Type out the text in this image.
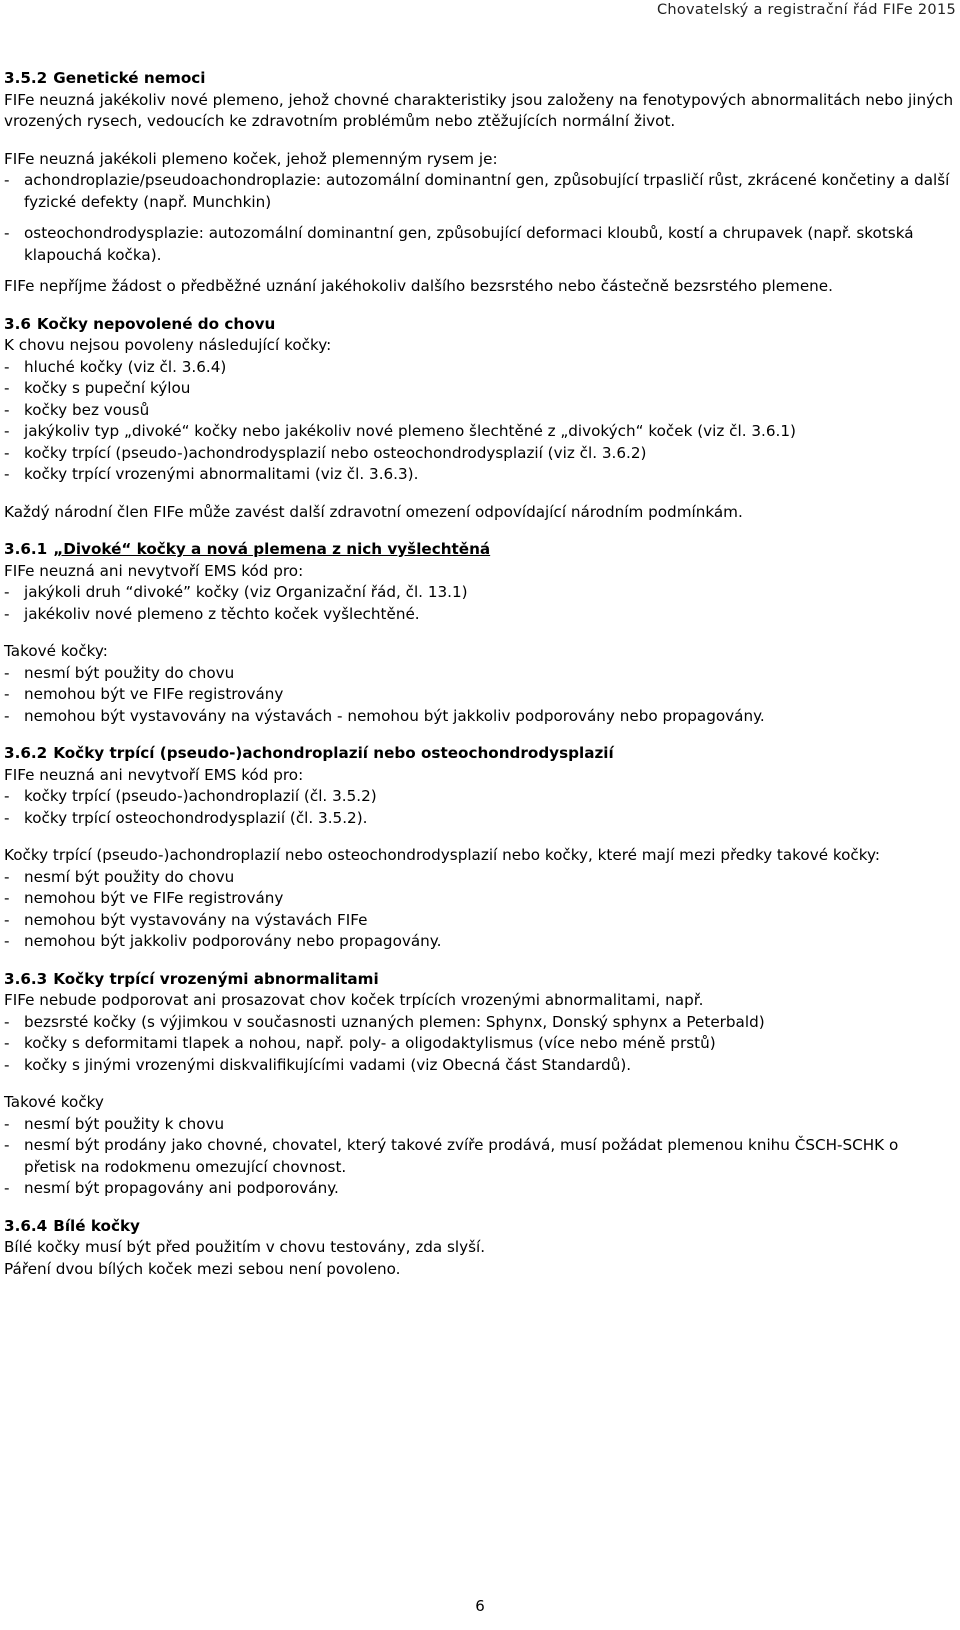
Chovatelský a registrační řád FIFe 2015

3.5.2 Genetické nemoci

FIFe neuzná jakékoliv nové plemeno, jehož chovné charakteristiky jsou založeny na fenotypových abnormalitách nebo jiných vrozených rysech, vedoucích ke zdravotním problémům nebo ztěžujících normální život.

FIFe neuzná jakékoli plemeno koček, jehož plemenným rysem je:

- achondroplazie/pseudoachondroplazie: autozomální dominantní gen, způsobující trpasličí růst, zkrácené končetiny a další fyzické defekty (např. Munchkin)

- osteochondrodysplazie: autozomální dominantní gen, způsobující deformaci kloubů, kostí a chrupavek (např. skotská klapouchá kočka).

FIFe nepříjme žádost o předběžné uznání jakéhokoliv dalšího bezsrstého nebo částečně bezsrstého plemene.

3.6 Kočky nepovolené do chovu

K chovu nejsou povoleny následující kočky:

- hluché kočky (viz čl. 3.6.4)

- kočky s pupeční kýlou

- kočky bez vousů

- jakýkoliv typ „divoké“ kočky nebo jakékoliv nové plemeno šlechtěné z „divokých“ koček (viz čl. 3.6.1)

- kočky trpící (pseudo-)achondrodysplazií nebo osteochondrodysplazií (viz čl. 3.6.2)

- kočky trpící vrozenými abnormalitami (viz čl. 3.6.3).

Každý národní člen FIFe může zavést další zdravotní omezení odpovídající národním podmínkám.

3.6.1 „Divoké“ kočky a nová plemena z nich vyšlechtěná

FIFe neuzná ani nevytvoří EMS kód pro:

- jakýkoli druh “divoké” kočky (viz Organizační řád, čl. 13.1)

- jakékoliv nové plemeno z těchto koček vyšlechtěné.

Takové kočky:

- nesmí být použity do chovu

- nemohou být ve FIFe registrovány

- nemohou být vystavovány na výstavách - nemohou být jakkoliv podporovány nebo propagovány.

3.6.2 Kočky trpící (pseudo-)achondroplazií nebo osteochondrodysplazií

FIFe neuzná ani nevytvoří EMS kód pro:

- kočky trpící (pseudo-)achondroplazií (čl. 3.5.2)

- kočky trpící osteochondrodysplazií (čl. 3.5.2).

Kočky trpící (pseudo-)achondroplazií nebo osteochondrodysplazií nebo kočky, které mají mezi předky takové kočky:

- nesmí být použity do chovu

- nemohou být ve FIFe registrovány

- nemohou být vystavovány na výstavách FIFe

- nemohou být jakkoliv podporovány nebo propagovány.

3.6.3 Kočky trpící vrozenými abnormalitami

FIFe nebude podporovat ani prosazovat chov koček trpících vrozenými abnormalitami, např.

- bezsrsté kočky (s výjimkou v současnosti uznaných plemen: Sphynx, Donský sphynx a Peterbald)

- kočky s deformitami tlapek a nohou, např. poly- a oligodaktylismus (více nebo méně prstů)

- kočky s jinými vrozenými diskvalifikujícími vadami (viz Obecná část Standardů).

Takové kočky

- nesmí být použity k chovu

- nesmí být prodány jako chovné, chovatel, který takové zvíře prodává, musí požádat plemenou knihu ČSCH-SCHK o přetisk na rodokmenu omezující chovnost.

- nesmí být propagovány ani podporovány.

3.6.4 Bílé kočky

Bílé kočky musí být před použitím v chovu testovány, zda slyší.

Páření dvou bílých koček mezi sebou není povoleno.

6
